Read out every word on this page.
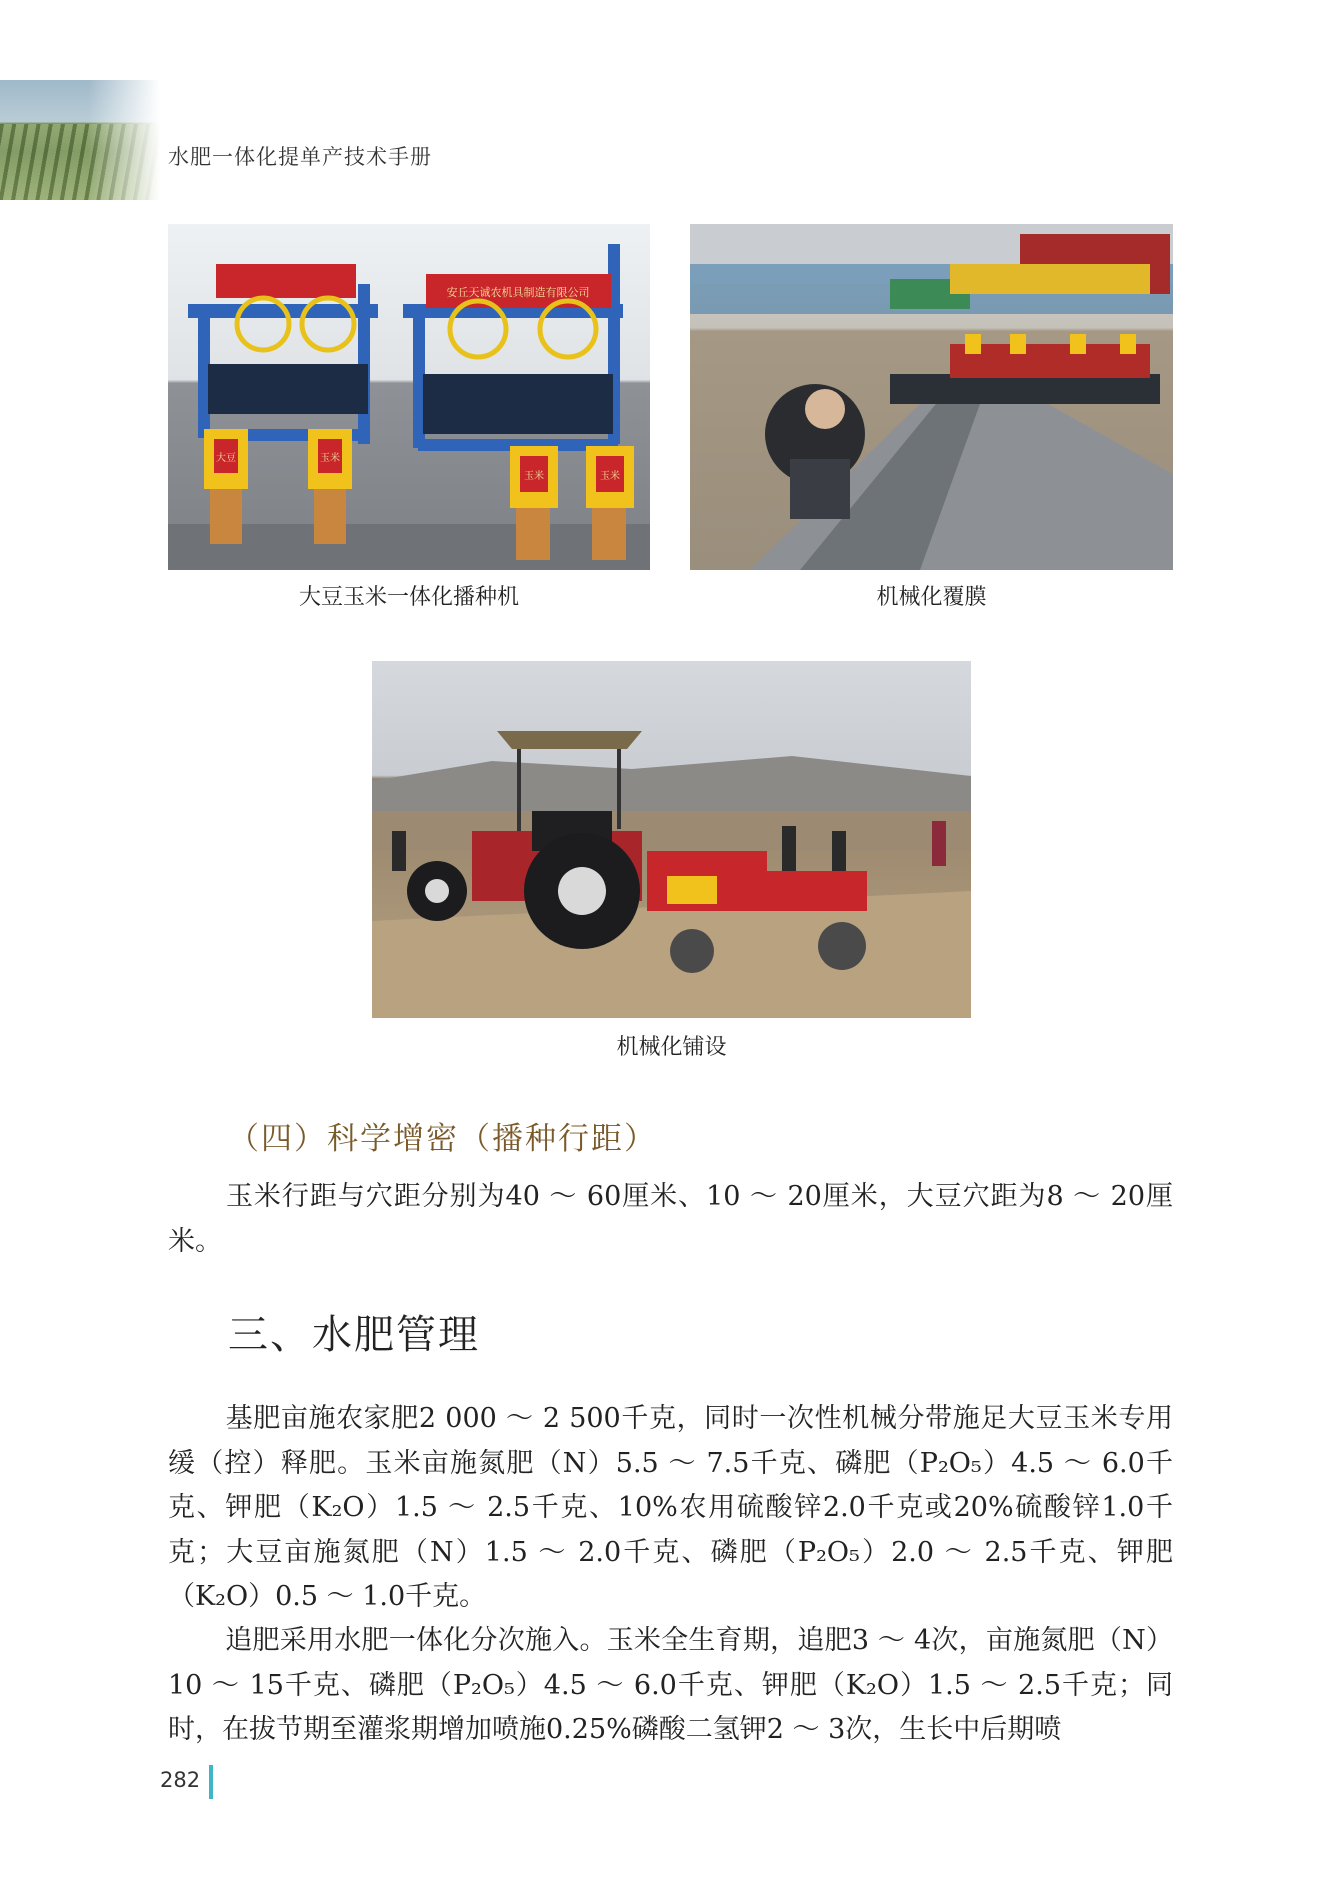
水肥一体化提单产技术手册
安丘天诚农机具制造有限公司
大豆	玉米
玉米	玉米
大豆玉米一体化播种机	机械化覆膜
机械化铺设
（四）科学增密（播种行距）
玉米行距与穴距分别为40 ～ 60厘米、10 ～ 20厘米，大豆穴距为8 ～ 20厘米。
三、水肥管理
基肥亩施农家肥2 000 ～ 2 500千克，同时一次性机械分带施足大豆玉米专用缓（控）释肥。玉米亩施氮肥（N）5.5 ～ 7.5千克、磷肥（P₂O₅）4.5 ～ 6.0千克、钾肥（K₂O）1.5 ～ 2.5千克、10%农用硫酸锌2.0千克或20%硫酸锌1.0千克；大豆亩施氮肥（N）1.5 ～ 2.0千克、磷肥（P₂O₅）2.0 ～ 2.5千克、钾肥（K₂O）0.5 ～ 1.0千克。
追肥采用水肥一体化分次施入。玉米全生育期，追肥3 ～ 4次，亩施氮肥（N）10 ～ 15千克、磷肥（P₂O₅）4.5 ～ 6.0千克、钾肥（K₂O）1.5 ～ 2.5千克；同时，在拔节期至灌浆期增加喷施0.25%磷酸二氢钾2 ～ 3次，生长中后期喷
282
